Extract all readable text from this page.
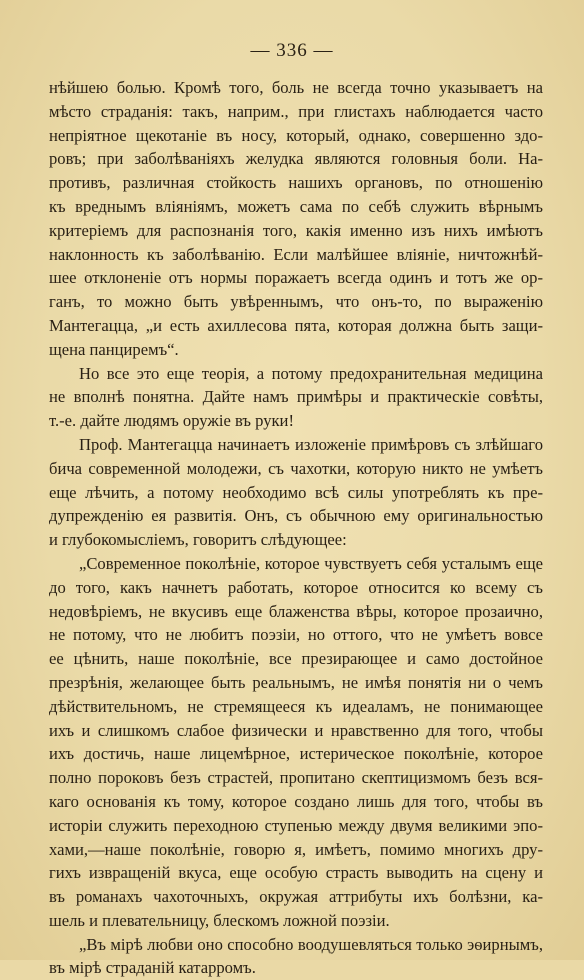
— 336 —
нѣйшею болью. Кромѣ того, боль не всегда точно указываетъ на
мѣсто страданія: такъ, наприм., при глистахъ наблюдается часто
непріятное щекотаніе въ носу, который, однако, совершенно здо-
ровъ; при заболѣваніяхъ желудка являются головныя боли. На-
противъ, различная стойкость нашихъ органовъ, по отношенію
къ вреднымъ вліяніямъ, можетъ сама по себѣ служить вѣрнымъ
критеріемъ для распознанія того, какія именно изъ нихъ имѣютъ
наклонность къ заболѣванію. Если малѣйшее вліяніе, ничтожнѣй-
шее отклоненіе отъ нормы поражаетъ всегда одинъ и тотъ же ор-
ганъ, то можно быть увѣреннымъ, что онъ-то, по выраженію
Мантегацца, „и есть ахиллесова пята, которая должна быть защи-
щена панциремъ“.
Но все это еще теорія, а потому предохранительная медицина
не вполнѣ понятна. Дайте намъ примѣры и практическіе совѣты,
т.-е. дайте людямъ оружіе въ руки!
Проф. Мантегацца начинаетъ изложеніе примѣровъ съ злѣйшаго
бича современной молодежи, съ чахотки, которую никто не умѣетъ
еще лѣчить, а потому необходимо всѣ силы употреблять къ пре-
дупрежденію ея развитія. Онъ, съ обычною ему оригинальностью
и глубокомысліемъ, говоритъ слѣдующее:
„Современное поколѣніе, которое чувствуетъ себя усталымъ еще
до того, какъ начнетъ работать, которое относится ко всему съ
недовѣріемъ, не вкусивъ еще блаженства вѣры, которое прозаично,
не потому, что не любитъ поэзіи, но оттого, что не умѣетъ вовсе
ее цѣнить, наше поколѣніе, все презирающее и само достойное
презрѣнія, желающее быть реальнымъ, не имѣя понятія ни о чемъ
дѣйствительномъ, не стремящееся къ идеаламъ, не понимающее
ихъ и слишкомъ слабое физически и нравственно для того, чтобы
ихъ достичь, наше лицемѣрное, истерическое поколѣніе, которое
полно пороковъ безъ страстей, пропитано скептицизмомъ безъ вся-
каго основанія къ тому, которое создано лишь для того, чтобы въ
исторіи служить переходною ступенью между двумя великими эпо-
хами,—наше поколѣніе, говорю я, имѣетъ, помимо многихъ дру-
гихъ извращеній вкуса, еще особую страсть выводить на сцену и
въ романахъ чахоточныхъ, окружая аттрибуты ихъ болѣзни, ка-
шель и плевательницу, блескомъ ложной поэзіи.
„Въ мірѣ любви оно способно воодушевляться только эѳирнымъ,
въ мірѣ страданій катарромъ.
